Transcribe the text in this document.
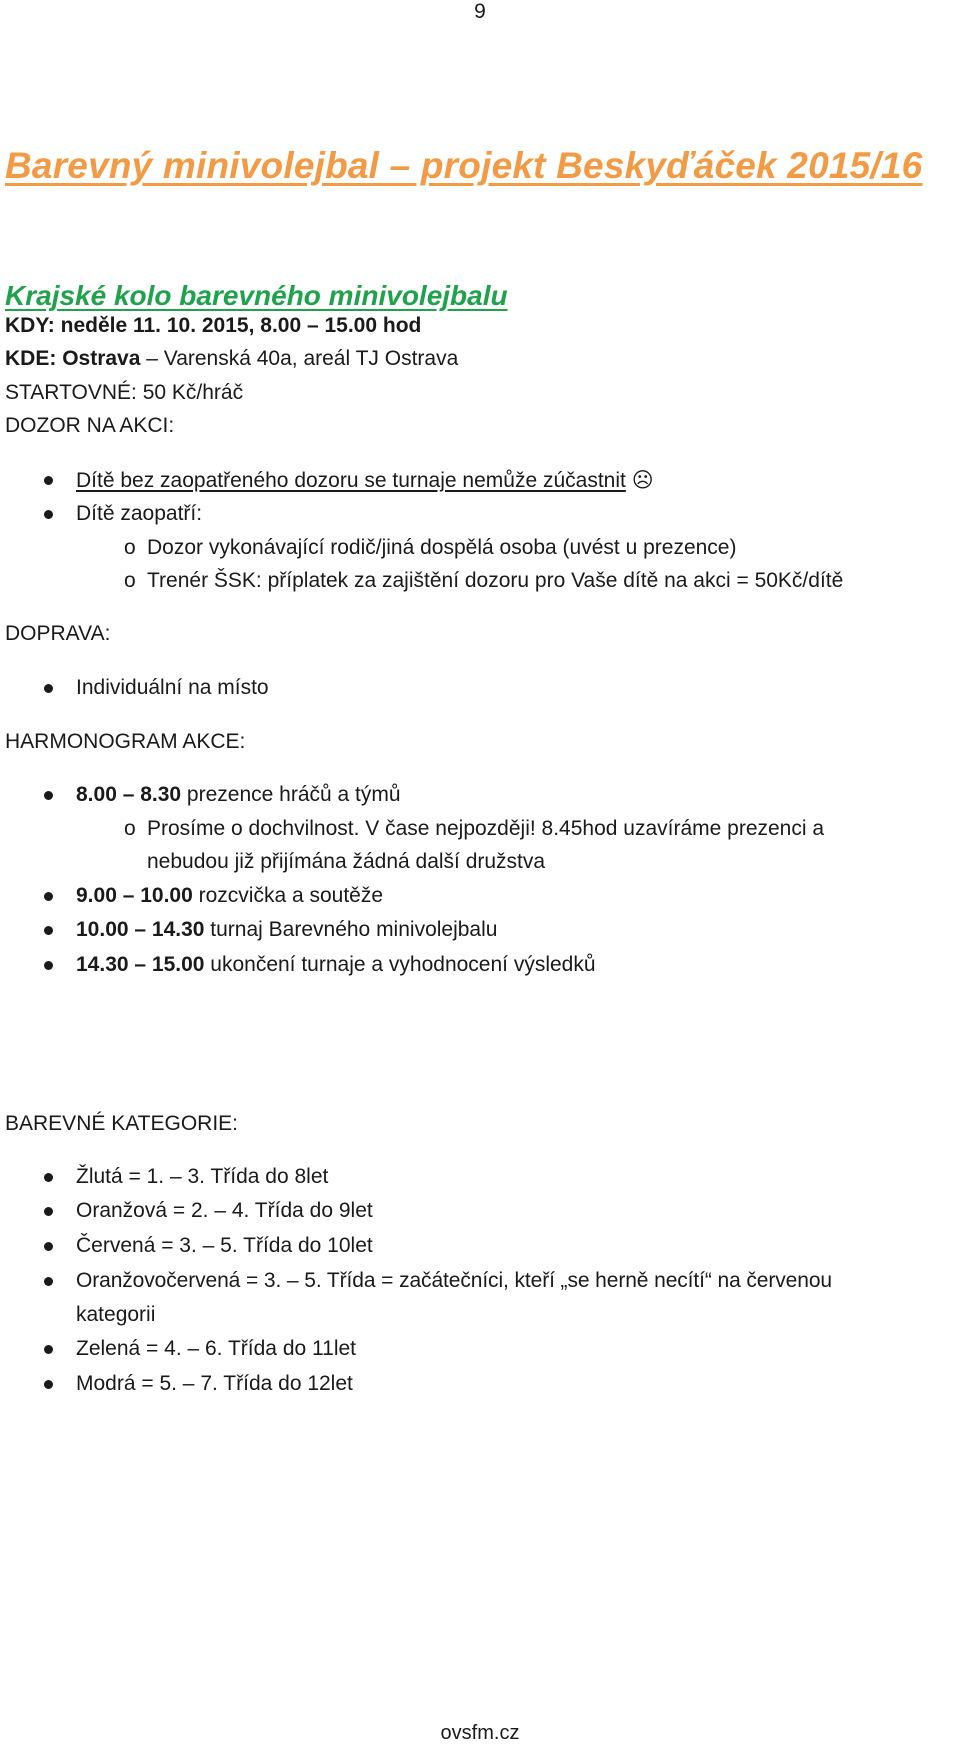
9
Barevný minivolejbal – projekt Beskyďáček 2015/16
Krajské kolo barevného minivolejbalu
KDY: neděle 11. 10. 2015, 8.00 – 15.00 hod
KDE: Ostrava – Varenská 40a, areál TJ Ostrava
STARTOVNÉ: 50 Kč/hráč
DOZOR NA AKCI:
Dítě bez zaopatřeného dozoru se turnaje nemůže zúčastnit ☹
Dítě zaopatří:
o Dozor vykonávající rodič/jiná dospělá osoba (uvést u prezence)
o Trenér ŠSK: příplatek za zajištění dozoru pro Vaše dítě na akci = 50Kč/dítě
DOPRAVA:
Individuální na místo
HARMONOGRAM AKCE:
8.00 – 8.30 prezence hráčů a týmů
o Prosíme o dochvilnost. V čase nejpozději! 8.45hod uzavíráme prezenci a
nebudou již přijímána žádná další družstva
9.00 – 10.00 rozcvička a soutěže
10.00 – 14.30 turnaj Barevného minivolejbalu
14.30 – 15.00 ukončení turnaje a vyhodnocení výsledků
BAREVNÉ KATEGORIE:
Žlutá = 1. – 3. Třída do 8let
Oranžová = 2. – 4. Třída do 9let
Červená = 3. – 5. Třída do 10let
Oranžovočervená = 3. – 5. Třída = začátečníci, kteří „se herně necítí“ na červenou
kategorii
Zelená = 4. – 6. Třída do 11let
Modrá = 5. – 7. Třída do 12let
ovsfm.cz
